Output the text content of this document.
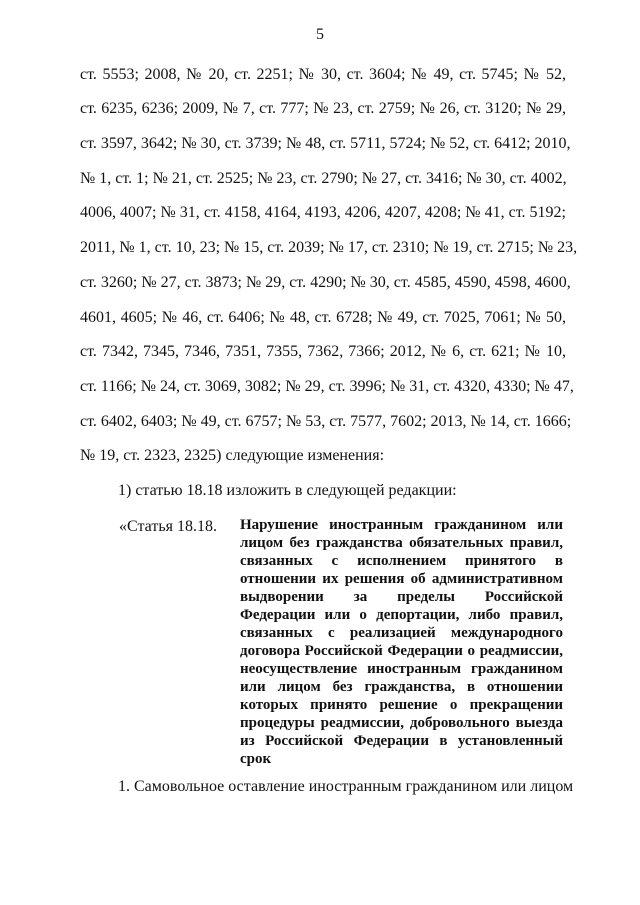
5
ст. 5553; 2008, № 20, ст. 2251; № 30, ст. 3604; № 49, ст. 5745; № 52,
ст. 6235, 6236; 2009, № 7, ст. 777; № 23, ст. 2759; № 26, ст. 3120; № 29,
ст. 3597, 3642; № 30, ст. 3739; № 48, ст. 5711, 5724; № 52, ст. 6412; 2010,
№ 1, ст. 1; № 21, ст. 2525; № 23, ст. 2790; № 27, ст. 3416; № 30, ст. 4002,
4006, 4007; № 31, ст. 4158, 4164, 4193, 4206, 4207, 4208; № 41, ст. 5192;
2011, № 1, ст. 10, 23; № 15, ст. 2039; № 17, ст. 2310; № 19, ст. 2715; № 23,
ст. 3260; № 27, ст. 3873; № 29, ст. 4290; № 30, ст. 4585, 4590, 4598, 4600,
4601, 4605; № 46, ст. 6406; № 48, ст. 6728; № 49, ст. 7025, 7061; № 50,
ст. 7342, 7345, 7346, 7351, 7355, 7362, 7366; 2012, № 6, ст. 621; № 10,
ст. 1166; № 24, ст. 3069, 3082; № 29, ст. 3996; № 31, ст. 4320, 4330; № 47,
ст. 6402, 6403; № 49, ст. 6757; № 53, ст. 7577, 7602; 2013, № 14, ст. 1666;
№ 19, ст. 2323, 2325) следующие изменения:
1) статью 18.18 изложить в следующей редакции:
«Статья 18.18. Нарушение иностранным гражданином или
лицом без гражданства обязательных правил,
связанных с исполнением принятого в
отношении их решения об административном
выдворении за пределы Российской
Федерации или о депортации, либо правил,
связанных с реализацией международного
договора Российской Федерации о реадмиссии,
неосуществление иностранным гражданином
или лицом без гражданства, в отношении
которых принято решение о прекращении
процедуры реадмиссии, добровольного выезда
из Российской Федерации в установленный
срок
1. Самовольное оставление иностранным гражданином или лицом
